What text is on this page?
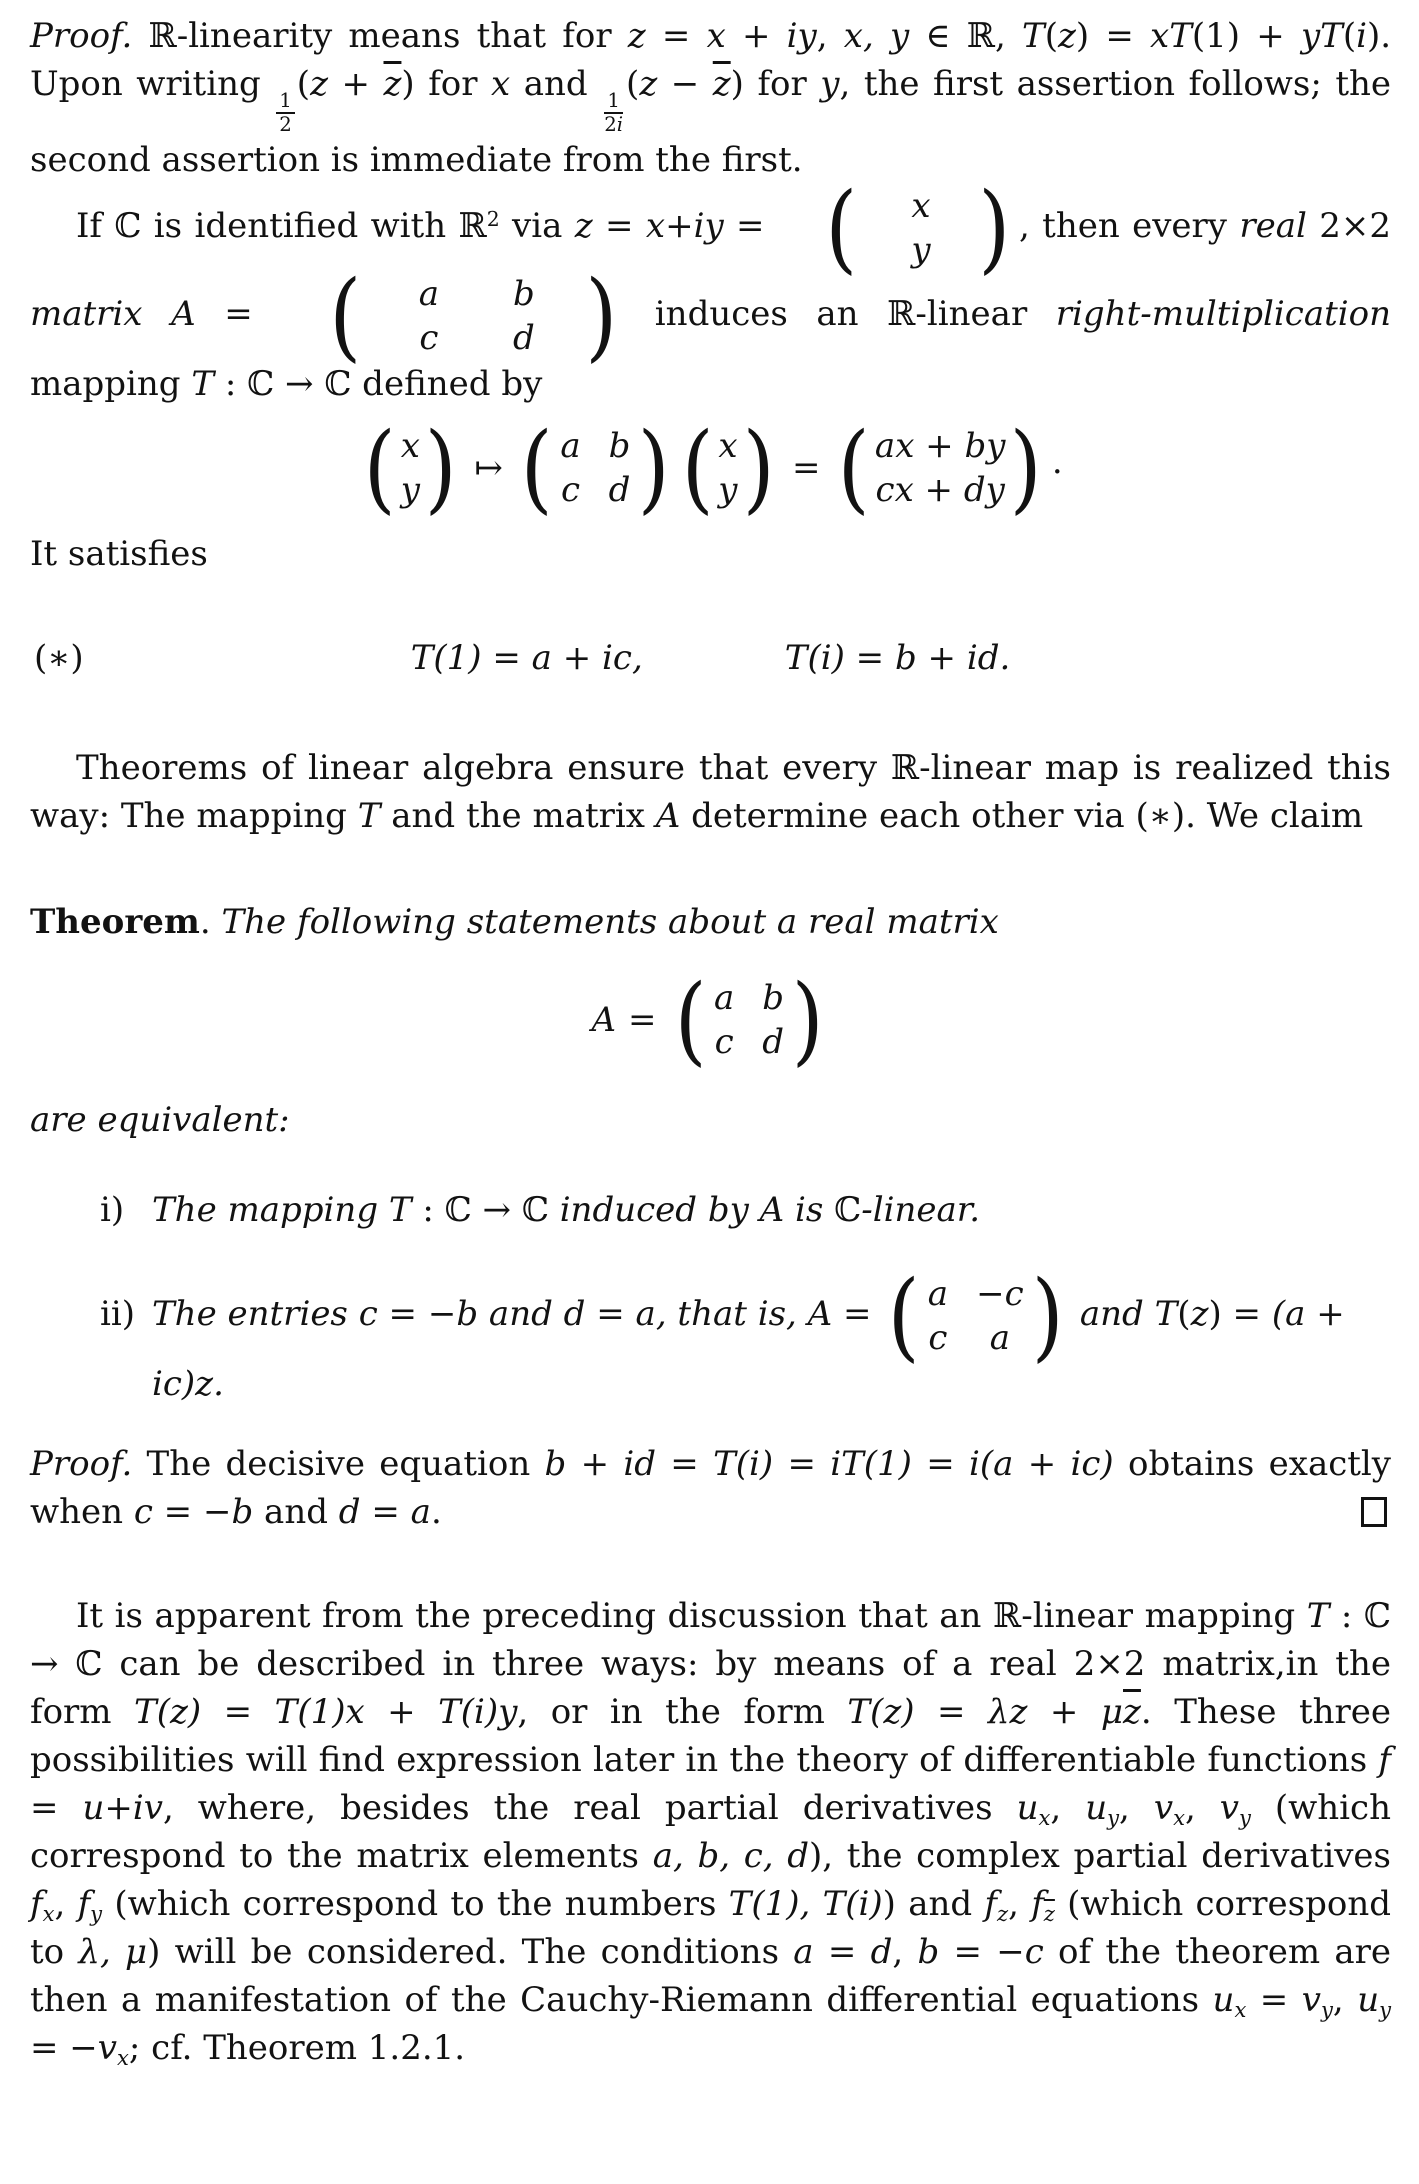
Proof. ℝ-linearity means that for z = x + iy, x, y ∈ ℝ, T(z) = xT(1) + yT(i). Upon writing
$\frac{1}{2}$
$(z + \overline{z})$ for x and
$\frac{1}{2i}$
$(z - \overline{z})$ for y, the first assertion follows; the second assertion is immediate from the first.

If ℂ is identified with ℝ$^2$ via z = x+iy = (	x
y ) , then every real 2×2 matrix A = (	a	b
c	d ) induces an ℝ-linear right-multiplication mapping T : ℂ → ℂ defined by

( x
y ) ↦ ( a b
c d ) ( x
y ) = ( ax + by
cx + dy ) .

It satisfies

(∗)	T(1) = a + ic,	T(i) = b + id.

Theorems of linear algebra ensure that every ℝ-linear map is realized this way: The mapping T and the matrix A determine each other via (∗). We claim

Theorem. The following statements about a real matrix

A = ( a b
c d )

are equivalent:

i) The mapping T : ℂ → ℂ induced by A is ℂ-linear.
ii) The entries c = −b and d = a, that is, A = ( a −c
c a ) and T(z) = (a + ic)z.

Proof. The decisive equation b + id = T(i) = iT(1) = i(a + ic) obtains exactly when c = −b and d = a.

It is apparent from the preceding discussion that an ℝ-linear mapping T : ℂ → ℂ can be described in three ways: by means of a real 2×2 matrix,in the form T(z) = T(1)x + T(i)y, or in the form $T(z) = \lambda z + \mu\overline{z}$. These three possibilities will find expression later in the theory of differentiable functions f = u+iv, where, besides the real partial derivatives $u_x$, $u_y$, $v_x$, $v_y$ (which correspond to the matrix elements a, b, c, d), the complex partial derivatives $f_x$, $f_y$ (which correspond to the numbers T(1), T(i)) and $f_z$, $f_{\overline{z}}$ (which correspond to λ, μ) will be considered. The conditions a = d, b = −c of the theorem are then a manifestation of the Cauchy-Riemann differential equations $u_x = v_y$, $u_y = -v_x$; cf. Theorem 1.2.1.
